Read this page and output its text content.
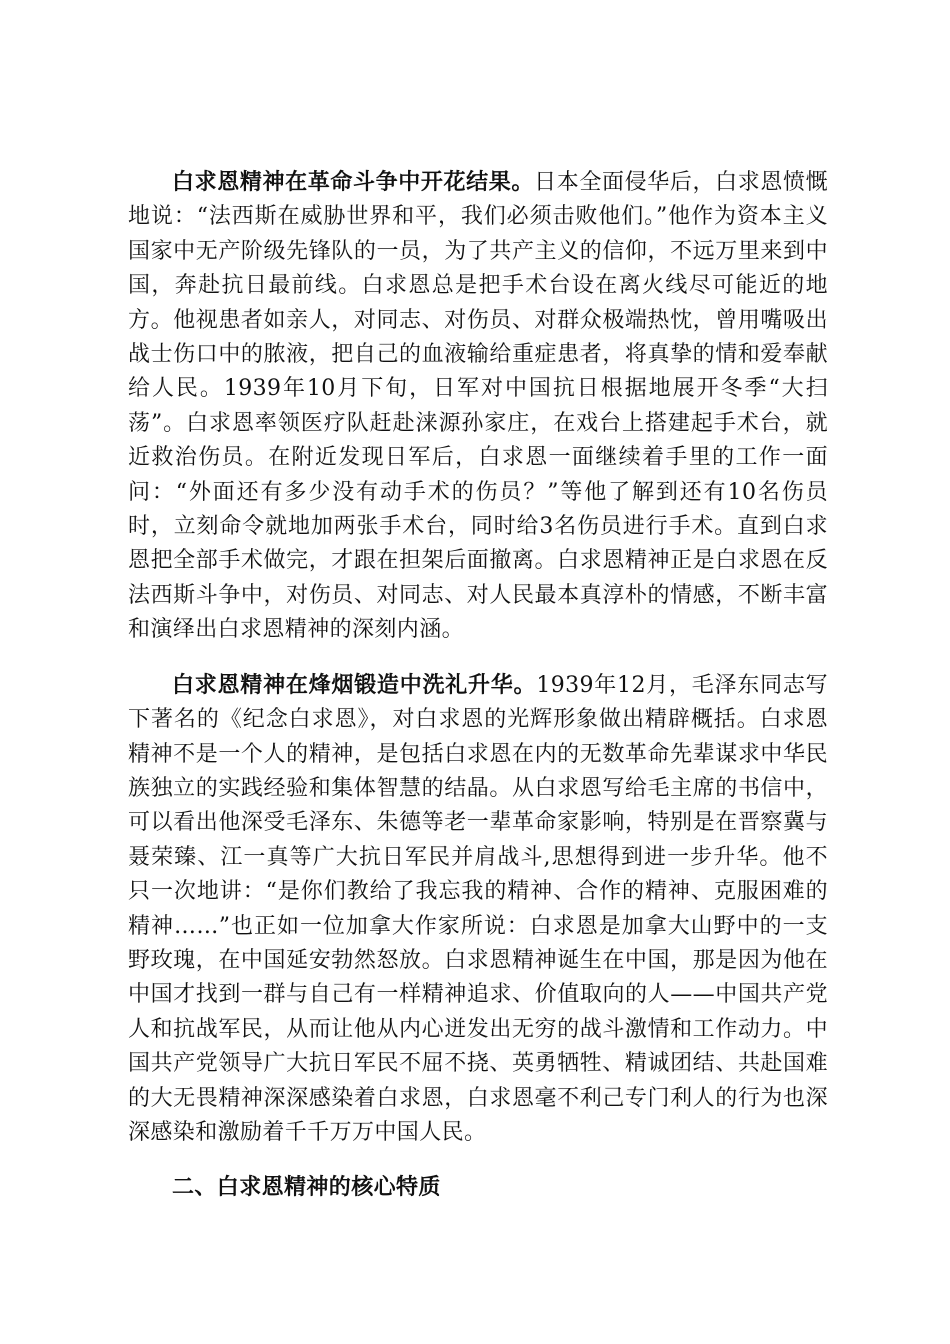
白求恩精神在革命斗争中开花结果。日本全面侵华后，白求恩愤慨地说：“法西斯在威胁世界和平，我们必须击败他们。”他作为资本主义国家中无产阶级先锋队的一员，为了共产主义的信仰，不远万里来到中国，奔赴抗日最前线。白求恩总是把手术台设在离火线尽可能近的地方。他视患者如亲人，对同志、对伤员、对群众极端热忱，曾用嘴吸出战士伤口中的脓液，把自己的血液输给重症患者，将真挚的情和爱奉献给人民。1939年10月下旬，日军对中国抗日根据地展开冬季“大扫荡”。白求恩率领医疗队赶赴涞源孙家庄，在戏台上搭建起手术台，就近救治伤员。在附近发现日军后，白求恩一面继续着手里的工作一面问：“外面还有多少没有动手术的伤员？”等他了解到还有10名伤员时，立刻命令就地加两张手术台，同时给3名伤员进行手术。直到白求恩把全部手术做完，才跟在担架后面撤离。白求恩精神正是白求恩在反法西斯斗争中，对伤员、对同志、对人民最本真淳朴的情感，不断丰富和演绎出白求恩精神的深刻内涵。

白求恩精神在烽烟锻造中洗礼升华。1939年12月，毛泽东同志写下著名的《纪念白求恩》，对白求恩的光辉形象做出精辟概括。白求恩精神不是一个人的精神，是包括白求恩在内的无数革命先辈谋求中华民族独立的实践经验和集体智慧的结晶。从白求恩写给毛主席的书信中，可以看出他深受毛泽东、朱德等老一辈革命家影响，特别是在晋察冀与聂荣臻、江一真等广大抗日军民并肩战斗,思想得到进一步升华。他不只一次地讲：“是你们教给了我忘我的精神、合作的精神、克服困难的精神……”也正如一位加拿大作家所说：白求恩是加拿大山野中的一支野玫瑰，在中国延安勃然怒放。白求恩精神诞生在中国，那是因为他在中国才找到一群与自己有一样精神追求、价值取向的人——中国共产党人和抗战军民，从而让他从内心迸发出无穷的战斗激情和工作动力。中国共产党领导广大抗日军民不屈不挠、英勇牺牲、精诚团结、共赴国难的大无畏精神深深感染着白求恩，白求恩毫不利己专门利人的行为也深深感染和激励着千千万万中国人民。

二、白求恩精神的核心特质
